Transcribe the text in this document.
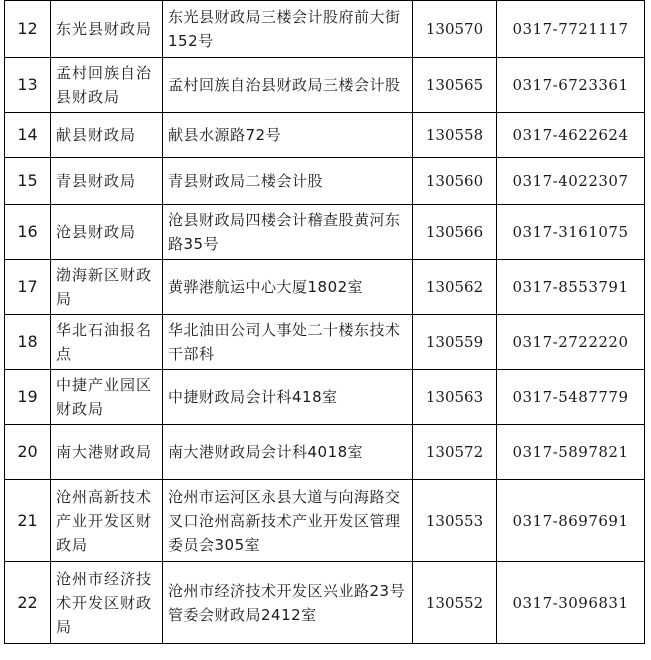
12	东光县财政局	东光县财政局三楼会计股府前大街152号	130570	0317-7721117
13	孟村回族自治县财政局	孟村回族自治县财政局三楼会计股	130565	0317-6723361
14	献县财政局	献县水源路72号	130558	0317-4622624
15	青县财政局	青县财政局二楼会计股	130560	0317-4022307
16	沧县财政局	沧县财政局四楼会计稽查股黄河东路35号	130566	0317-3161075
17	渤海新区财政局	黄骅港航运中心大厦1802室	130562	0317-8553791
18	华北石油报名点	华北油田公司人事处二十楼东技术干部科	130559	0317-2722220
19	中捷产业园区财政局	中捷财政局会计科418室	130563	0317-5487779
20	南大港财政局	南大港财政局会计科4018室	130572	0317-5897821
21	沧州高新技术产业开发区财政局	沧州市运河区永县大道与向海路交叉口沧州高新技术产业开发区管理委员会305室	130553	0317-8697691
22	沧州市经济技术开发区财政局	沧州市经济技术开发区兴业路23号管委会财政局2412室	130552	0317-3096831
